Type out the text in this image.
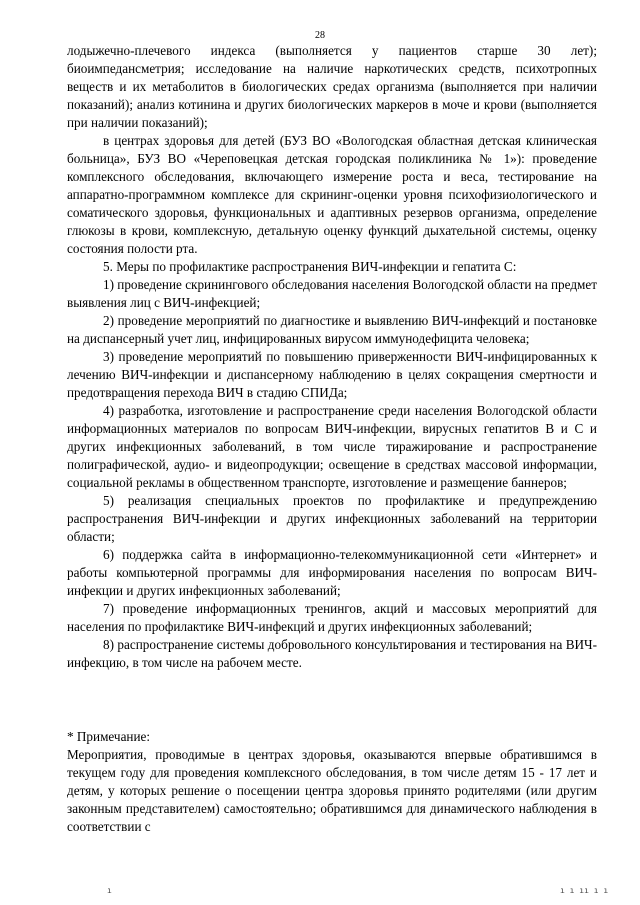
28

лодыжечно-плечевого индекса (выполняется у пациентов старше 30 лет); биоимпедансметрия; исследование на наличие наркотических средств, психотропных веществ и их метаболитов в биологических средах организма (выполняется при наличии показаний); анализ котинина и других биологических маркеров в моче и крови (выполняется при наличии показаний);

в центрах здоровья для детей (БУЗ ВО «Вологодская областная детская клиническая больница», БУЗ ВО «Череповецкая детская городская поликлиника № 1»): проведение комплексного обследования, включающего измерение роста и веса, тестирование на аппаратно-программном комплексе для скрининг-оценки уровня психофизиологического и соматического здоровья, функциональных и адаптивных резервов организма, определение глюкозы в крови, комплексную, детальную оценку функций дыхательной системы, оценку состояния полости рта.

5. Меры по профилактике распространения ВИЧ-инфекции и гепатита С:

1) проведение скринингового обследования населения Вологодской области на предмет выявления лиц с ВИЧ-инфекцией;

2) проведение мероприятий по диагностике и выявлению ВИЧ-инфекций и постановке на диспансерный учет лиц, инфицированных вирусом иммунодефицита человека;

3) проведение мероприятий по повышению приверженности ВИЧ-инфицированных к лечению ВИЧ-инфекции и диспансерному наблюдению в целях сокращения смертности и предотвращения перехода ВИЧ в стадию СПИДа;

4) разработка, изготовление и распространение среди населения Вологодской области информационных материалов по вопросам ВИЧ-инфекции, вирусных гепатитов В и С и других инфекционных заболеваний, в том числе тиражирование и распространение полиграфической, аудио- и видеопродукции; освещение в средствах массовой информации, социальной рекламы в общественном транспорте, изготовление и размещение баннеров;

5) реализация специальных проектов по профилактике и предупреждению распространения ВИЧ-инфекции и других инфекционных заболеваний на территории области;

6) поддержка сайта в информационно-телекоммуникационной сети «Интернет» и работы компьютерной программы для информирования населения по вопросам ВИЧ-инфекции и других инфекционных заболеваний;

7) проведение информационных тренингов, акций и массовых мероприятий для населения по профилактике ВИЧ-инфекций и других инфекционных заболеваний;

8) распространение системы добровольного консультирования и тестирования на ВИЧ-инфекцию, в том числе на рабочем месте.

* Примечание:

Мероприятия, проводимые в центрах здоровья, оказываются впервые обратившимся в текущем году для проведения комплексного обследования, в том числе детям 15 - 17 лет и детям, у которых решение о посещении центра здоровья принято родителями (или другим законным представителем) самостоятельно; обратившимся для динамического наблюдения в соответствии с

ı	ı ı ıı ı ı
